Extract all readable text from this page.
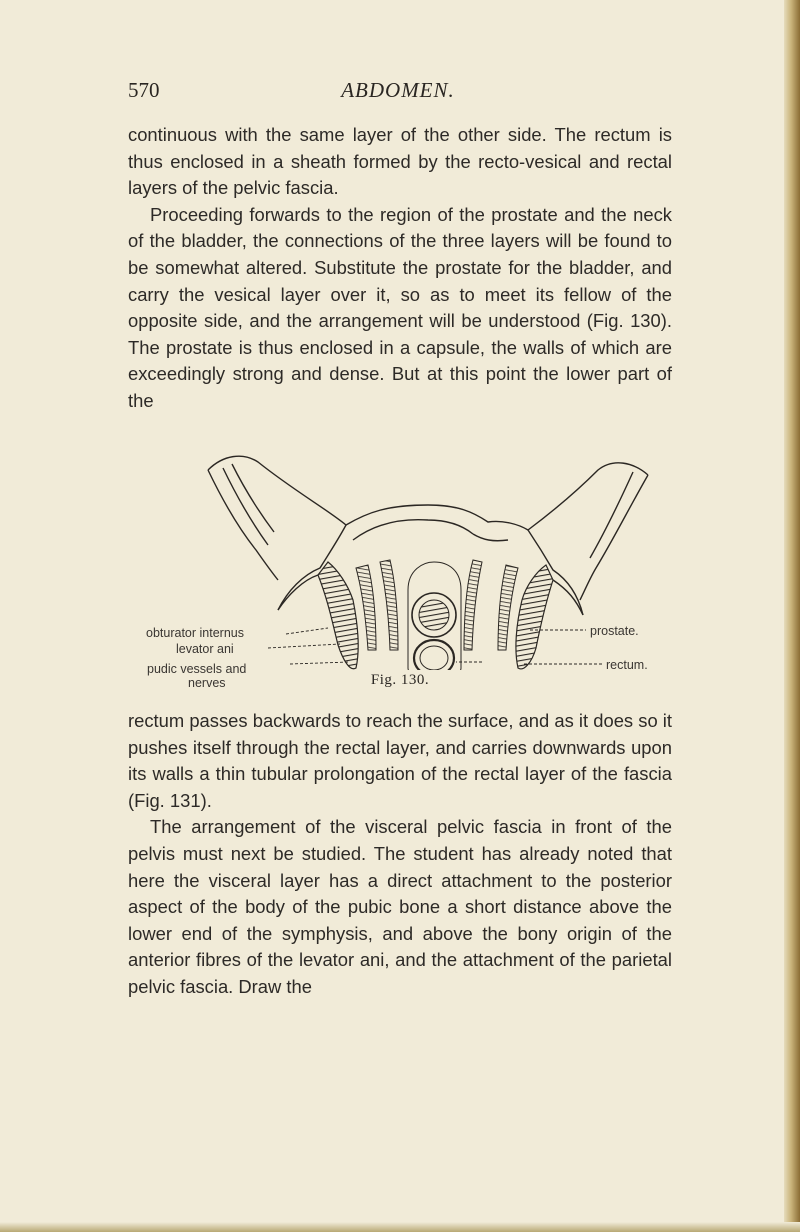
570	ABDOMEN.

continuous with the same layer of the other side. The rectum is thus enclosed in a sheath formed by the recto-vesical and rectal layers of the pelvic fascia.

Proceeding forwards to the region of the prostate and the neck of the bladder, the connections of the three layers will be found to be somewhat altered. Substitute the prostate for the bladder, and carry the vesical layer over it, so as to meet its fellow of the opposite side, and the arrangement will be understood (Fig. 130). The prostate is thus enclosed in a capsule, the walls of which are exceedingly strong and dense. But at this point the lower part of the

obturator internus
levator ani
pudic vessels and
nerves
prostate.
rectum.
Fig. 130.

rectum passes backwards to reach the surface, and as it does so it pushes itself through the rectal layer, and carries downwards upon its walls a thin tubular prolongation of the rectal layer of the fascia (Fig. 131).

The arrangement of the visceral pelvic fascia in front of the pelvis must next be studied. The student has already noted that here the visceral layer has a direct attachment to the posterior aspect of the body of the pubic bone a short distance above the lower end of the symphysis, and above the bony origin of the anterior fibres of the levator ani, and the attachment of the parietal pelvic fascia. Draw the
